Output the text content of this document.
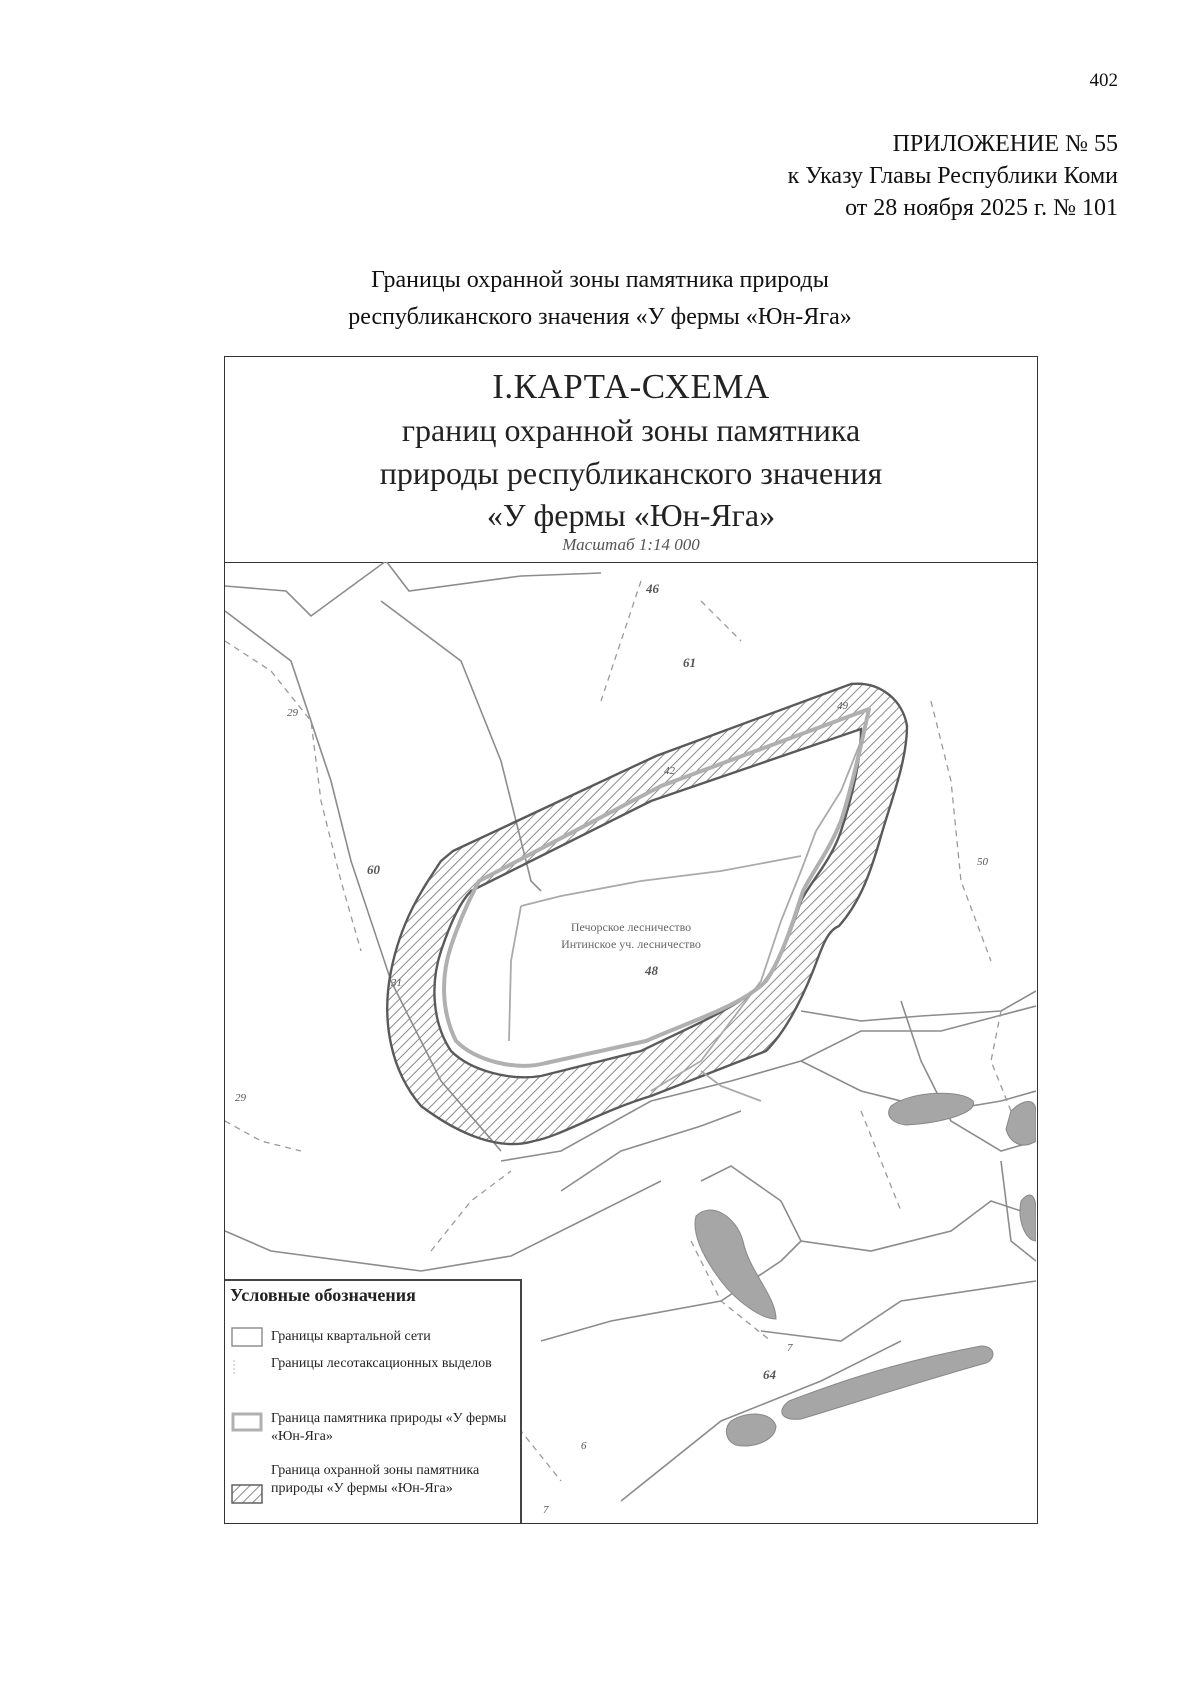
402
ПРИЛОЖЕНИЕ № 55
к Указу Главы Республики Коми
от 28 ноября 2025 г. № 101
Границы охранной зоны памятника природы
республиканского значения «У фермы «Юн-Яга»
I.КАРТА-СХЕМА
границ охранной зоны памятника
природы республиканского значения
«У фермы «Юн-Яга»
Масштаб 1:14 000
46
61
49
42
29
60
31
50
48
29
7
64
6
7
Печорское лесничество
Интинское уч. лесничество
Условные обозначения
Границы квартальной сети
Границы лесотаксационных выделов
Граница памятника природы «У фермы «Юн-Яга»
Граница охранной зоны памятника природы «У фермы «Юн-Яга»
